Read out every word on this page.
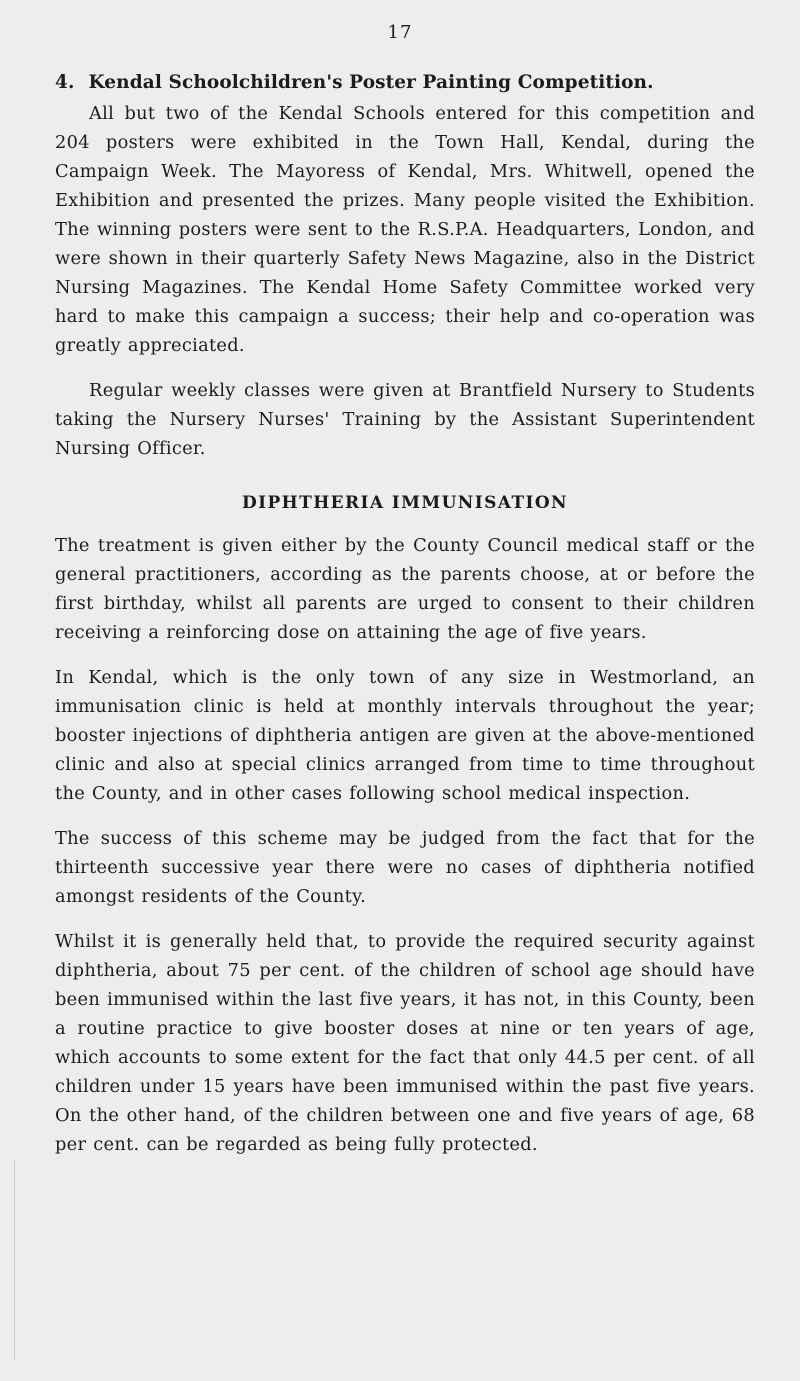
17
4. Kendal Schoolchildren's Poster Painting Competition.

All but two of the Kendal Schools entered for this competition and 204 posters were exhibited in the Town Hall, Kendal, during the Campaign Week. The Mayoress of Kendal, Mrs. Whitwell, opened the Exhibition and presented the prizes. Many people visited the Exhibition. The winning posters were sent to the R.S.P.A. Headquarters, London, and were shown in their quarterly Safety News Magazine, also in the District Nursing Magazines. The Kendal Home Safety Committee worked very hard to make this campaign a success; their help and co-operation was greatly appreciated.

Regular weekly classes were given at Brantfield Nursery to Students taking the Nursery Nurses' Training by the Assistant Superintendent Nursing Officer.

DIPHTHERIA IMMUNISATION

The treatment is given either by the County Council medical staff or the general practitioners, according as the parents choose, at or before the first birthday, whilst all parents are urged to consent to their children receiving a reinforcing dose on attaining the age of five years.

In Kendal, which is the only town of any size in Westmorland, an immunisation clinic is held at monthly intervals throughout the year; booster injections of diphtheria antigen are given at the above-mentioned clinic and also at special clinics arranged from time to time throughout the County, and in other cases following school medical inspection.

The success of this scheme may be judged from the fact that for the thirteenth successive year there were no cases of diphtheria notified amongst residents of the County.

Whilst it is generally held that, to provide the required security against diphtheria, about 75 per cent. of the children of school age should have been immunised within the last five years, it has not, in this County, been a routine practice to give booster doses at nine or ten years of age, which accounts to some extent for the fact that only 44.5 per cent. of all children under 15 years have been immunised within the past five years. On the other hand, of the children between one and five years of age, 68 per cent. can be regarded as being fully protected.
